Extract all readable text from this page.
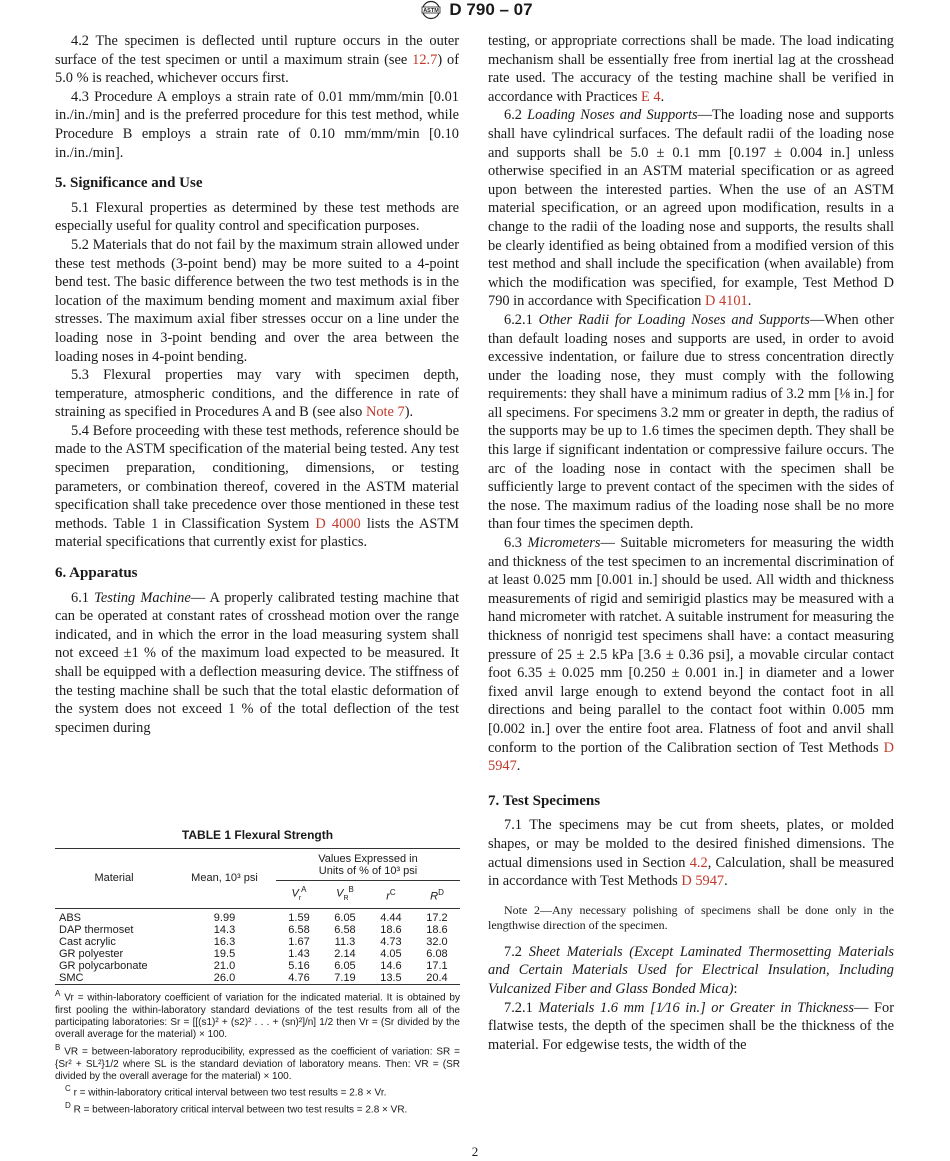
ASTM D 790 – 07

4.2 The specimen is deflected until rupture occurs in the outer surface of the test specimen or until a maximum strain (see 12.7) of 5.0 % is reached, whichever occurs first.

4.3 Procedure A employs a strain rate of 0.01 mm/mm/min [0.01 in./in./min] and is the preferred procedure for this test method, while Procedure B employs a strain rate of 0.10 mm/mm/min [0.10 in./in./min].

5. Significance and Use

5.1 Flexural properties as determined by these test methods are especially useful for quality control and specification purposes.

5.2 Materials that do not fail by the maximum strain allowed under these test methods (3-point bend) may be more suited to a 4-point bend test. The basic difference between the two test methods is in the location of the maximum bending moment and maximum axial fiber stresses. The maximum axial fiber stresses occur on a line under the loading nose in 3-point bending and over the area between the loading noses in 4-point bending.

5.3 Flexural properties may vary with specimen depth, temperature, atmospheric conditions, and the difference in rate of straining as specified in Procedures A and B (see also Note 7).

5.4 Before proceeding with these test methods, reference should be made to the ASTM specification of the material being tested. Any test specimen preparation, conditioning, dimensions, or testing parameters, or combination thereof, covered in the ASTM material specification shall take precedence over those mentioned in these test methods. Table 1 in Classification System D 4000 lists the ASTM material specifications that currently exist for plastics.

6. Apparatus

6.1 Testing Machine— A properly calibrated testing machine that can be operated at constant rates of crosshead motion over the range indicated, and in which the error in the load measuring system shall not exceed ±1 % of the maximum load expected to be measured. It shall be equipped with a deflection measuring device. The stiffness of the testing machine shall be such that the total elastic deformation of the system does not exceed 1 % of the total deflection of the test specimen during

TABLE 1 Flexural Strength
Material	Mean, 10³ psi	Values Expressed in Units of % of 10³ psi			
		$V_r^A$	$V_R^B$	$r^C$	$R^D$
ABS	9.99	1.59	6.05	4.44	17.2
DAP thermoset	14.3	6.58	6.58	18.6	18.6
Cast acrylic	16.3	1.67	11.3	4.73	32.0
GR polyester	19.5	1.43	2.14	4.05	6.08
GR polycarbonate	21.0	5.16	6.05	14.6	17.1
SMC	26.0	4.76	7.19	13.5	20.4
$^A$ Vr = within-laboratory coefficient of variation for the indicated material. It is obtained by first pooling the within-laboratory standard deviations of the test results from all of the participating laboratories: Sr = [[(s1)² + (s2)² . . . + (sn)²]/n] 1/2 then Vr = (Sr divided by the overall average for the material) × 100.
$^B$ VR = between-laboratory reproducibility, expressed as the coefficient of variation: SR = {Sr² + SL²}1/2 where SL is the standard deviation of laboratory means. Then: VR = (SR divided by the overall average for the material) × 100.
$^C$ r = within-laboratory critical interval between two test results = 2.8 × Vr.
$^D$ R = between-laboratory critical interval between two test results = 2.8 × VR.

testing, or appropriate corrections shall be made. The load indicating mechanism shall be essentially free from inertial lag at the crosshead rate used. The accuracy of the testing machine shall be verified in accordance with Practices E 4.

6.2 Loading Noses and Supports—The loading nose and supports shall have cylindrical surfaces. The default radii of the loading nose and supports shall be 5.0 ± 0.1 mm [0.197 ± 0.004 in.] unless otherwise specified in an ASTM material specification or as agreed upon between the interested parties. When the use of an ASTM material specification, or an agreed upon modification, results in a change to the radii of the loading nose and supports, the results shall be clearly identified as being obtained from a modified version of this test method and shall include the specification (when available) from which the modification was specified, for example, Test Method D 790 in accordance with Specification D 4101.

6.2.1 Other Radii for Loading Noses and Supports—When other than default loading noses and supports are used, in order to avoid excessive indentation, or failure due to stress concentration directly under the loading nose, they must comply with the following requirements: they shall have a minimum radius of 3.2 mm [⅛ in.] for all specimens. For specimens 3.2 mm or greater in depth, the radius of the supports may be up to 1.6 times the specimen depth. They shall be this large if significant indentation or compressive failure occurs. The arc of the loading nose in contact with the specimen shall be sufficiently large to prevent contact of the specimen with the sides of the nose. The maximum radius of the loading nose shall be no more than four times the specimen depth.

6.3 Micrometers— Suitable micrometers for measuring the width and thickness of the test specimen to an incremental discrimination of at least 0.025 mm [0.001 in.] should be used. All width and thickness measurements of rigid and semirigid plastics may be measured with a hand micrometer with ratchet. A suitable instrument for measuring the thickness of nonrigid test specimens shall have: a contact measuring pressure of 25 ± 2.5 kPa [3.6 ± 0.36 psi], a movable circular contact foot 6.35 ± 0.025 mm [0.250 ± 0.001 in.] in diameter and a lower fixed anvil large enough to extend beyond the contact foot in all directions and being parallel to the contact foot within 0.005 mm [0.002 in.] over the entire foot area. Flatness of foot and anvil shall conform to the portion of the Calibration section of Test Methods D 5947.

7. Test Specimens

7.1 The specimens may be cut from sheets, plates, or molded shapes, or may be molded to the desired finished dimensions. The actual dimensions used in Section 4.2, Calculation, shall be measured in accordance with Test Methods D 5947.

Note 2—Any necessary polishing of specimens shall be done only in the lengthwise direction of the specimen.

7.2 Sheet Materials (Except Laminated Thermosetting Materials and Certain Materials Used for Electrical Insulation, Including Vulcanized Fiber and Glass Bonded Mica):

7.2.1 Materials 1.6 mm [1⁄16 in.] or Greater in Thickness— For flatwise tests, the depth of the specimen shall be the thickness of the material. For edgewise tests, the width of the

2
